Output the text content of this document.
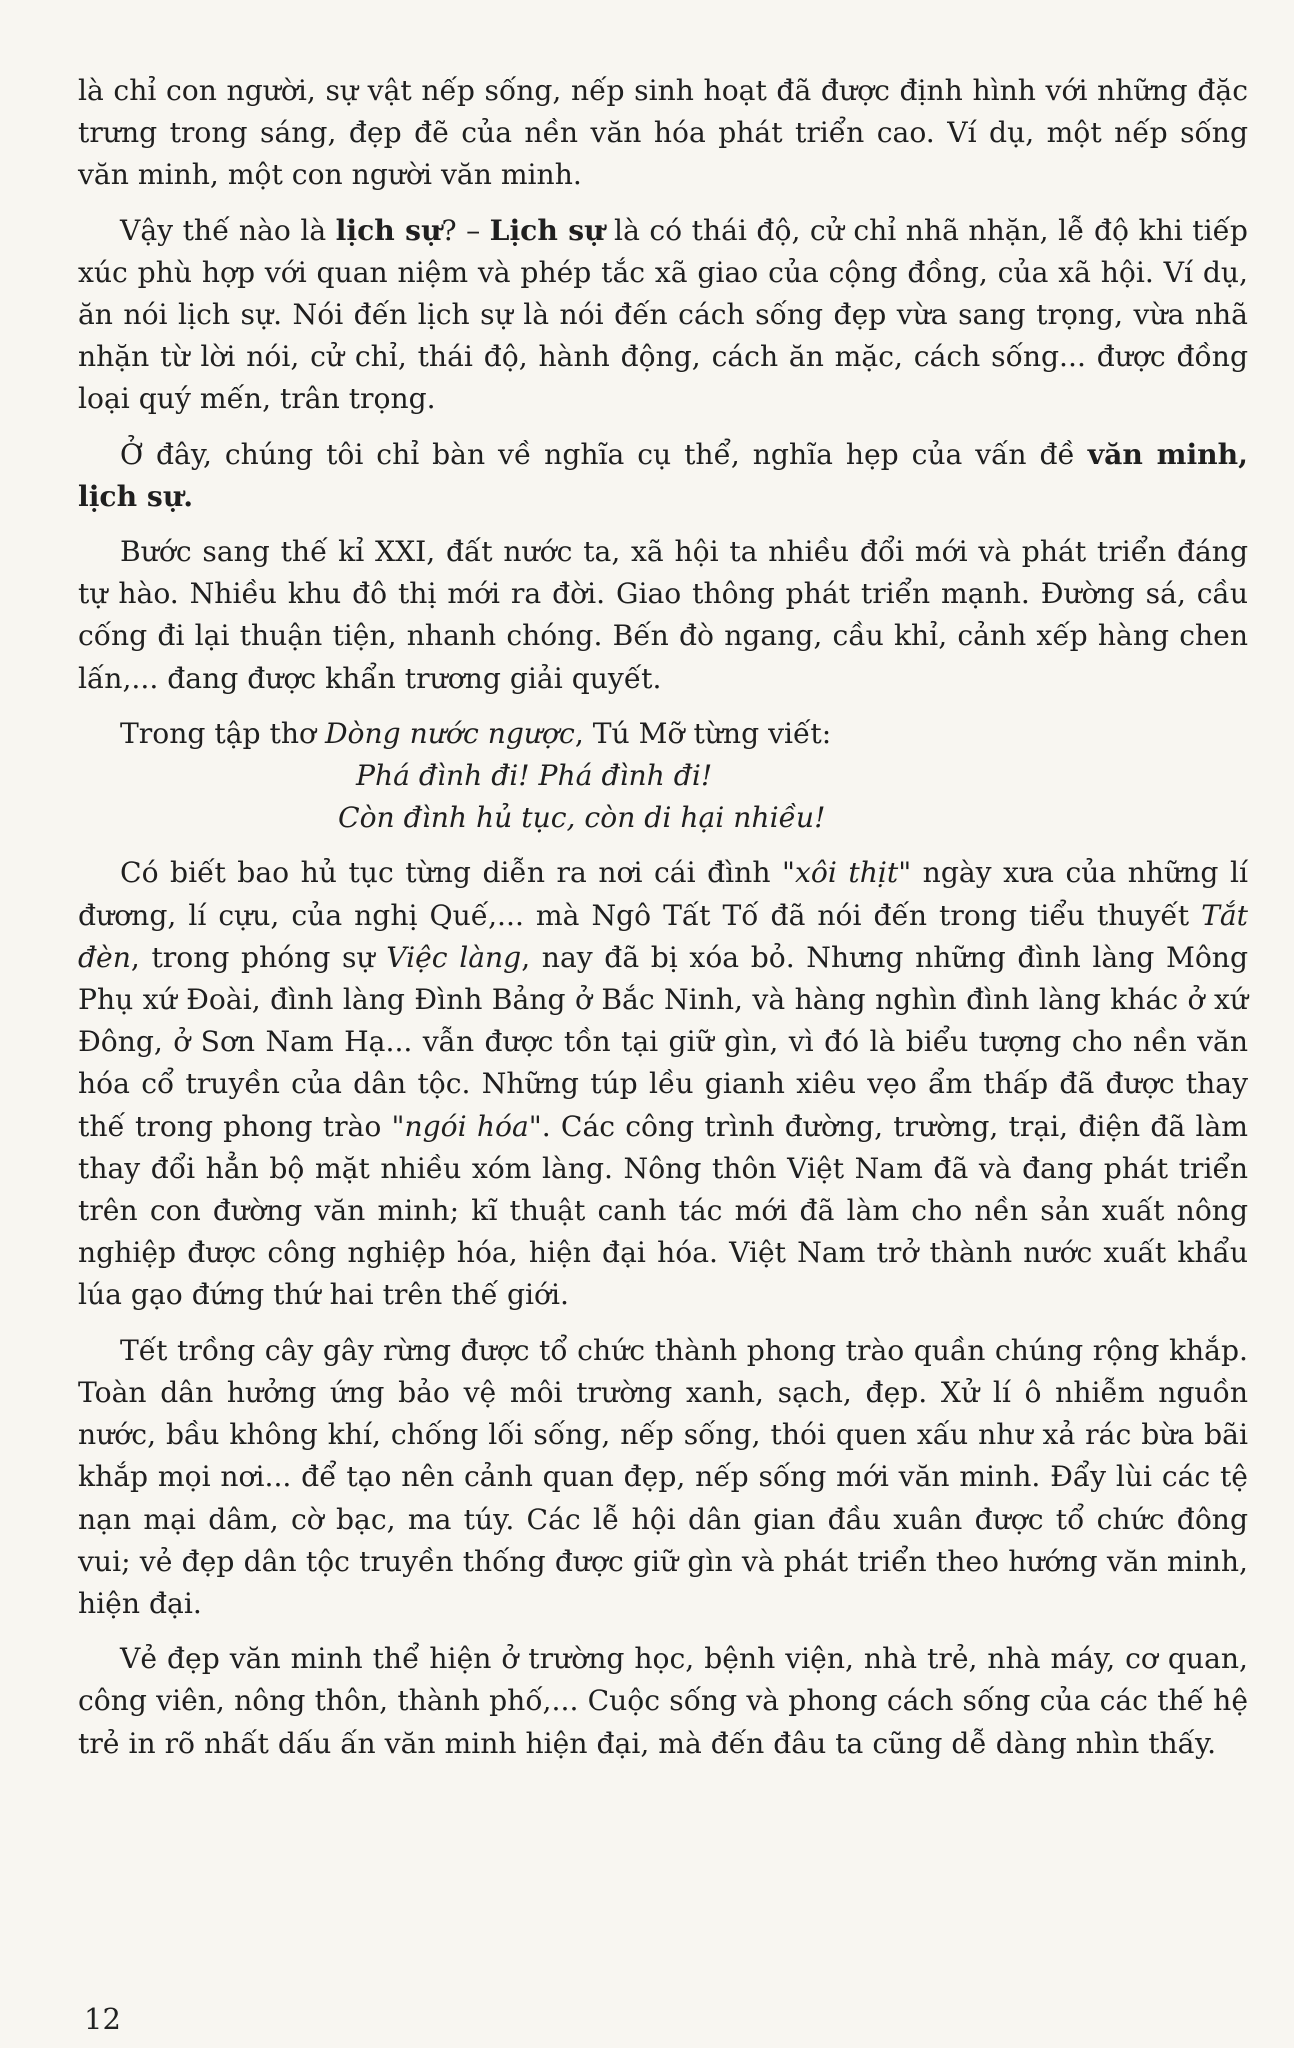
là chỉ con người, sự vật nếp sống, nếp sinh hoạt đã được định hình với những đặc trưng trong sáng, đẹp đẽ của nền văn hóa phát triển cao. Ví dụ, một nếp sống văn minh, một con người văn minh.

Vậy thế nào là lịch sự? – Lịch sự là có thái độ, cử chỉ nhã nhặn, lễ độ khi tiếp xúc phù hợp với quan niệm và phép tắc xã giao của cộng đồng, của xã hội. Ví dụ, ăn nói lịch sự. Nói đến lịch sự là nói đến cách sống đẹp vừa sang trọng, vừa nhã nhặn từ lời nói, cử chỉ, thái độ, hành động, cách ăn mặc, cách sống... được đồng loại quý mến, trân trọng.

Ở đây, chúng tôi chỉ bàn về nghĩa cụ thể, nghĩa hẹp của vấn đề văn minh, lịch sự.

Bước sang thế kỉ XXI, đất nước ta, xã hội ta nhiều đổi mới và phát triển đáng tự hào. Nhiều khu đô thị mới ra đời. Giao thông phát triển mạnh. Đường sá, cầu cống đi lại thuận tiện, nhanh chóng. Bến đò ngang, cầu khỉ, cảnh xếp hàng chen lấn,... đang được khẩn trương giải quyết.

Trong tập thơ Dòng nước ngược, Tú Mỡ từng viết:

Phá đình đi! Phá đình đi!
Còn đình hủ tục, còn di hại nhiều!

Có biết bao hủ tục từng diễn ra nơi cái đình "xôi thịt" ngày xưa của những lí đương, lí cựu, của nghị Quế,... mà Ngô Tất Tố đã nói đến trong tiểu thuyết Tắt đèn, trong phóng sự Việc làng, nay đã bị xóa bỏ. Nhưng những đình làng Mông Phụ xứ Đoài, đình làng Đình Bảng ở Bắc Ninh, và hàng nghìn đình làng khác ở xứ Đông, ở Sơn Nam Hạ... vẫn được tồn tại giữ gìn, vì đó là biểu tượng cho nền văn hóa cổ truyền của dân tộc. Những túp lều gianh xiêu vẹo ẩm thấp đã được thay thế trong phong trào "ngói hóa". Các công trình đường, trường, trại, điện đã làm thay đổi hẳn bộ mặt nhiều xóm làng. Nông thôn Việt Nam đã và đang phát triển trên con đường văn minh; kĩ thuật canh tác mới đã làm cho nền sản xuất nông nghiệp được công nghiệp hóa, hiện đại hóa. Việt Nam trở thành nước xuất khẩu lúa gạo đứng thứ hai trên thế giới.

Tết trồng cây gây rừng được tổ chức thành phong trào quần chúng rộng khắp. Toàn dân hưởng ứng bảo vệ môi trường xanh, sạch, đẹp. Xử lí ô nhiễm nguồn nước, bầu không khí, chống lối sống, nếp sống, thói quen xấu như xả rác bừa bãi khắp mọi nơi... để tạo nên cảnh quan đẹp, nếp sống mới văn minh. Đẩy lùi các tệ nạn mại dâm, cờ bạc, ma túy. Các lễ hội dân gian đầu xuân được tổ chức đông vui; vẻ đẹp dân tộc truyền thống được giữ gìn và phát triển theo hướng văn minh, hiện đại.

Vẻ đẹp văn minh thể hiện ở trường học, bệnh viện, nhà trẻ, nhà máy, cơ quan, công viên, nông thôn, thành phố,... Cuộc sống và phong cách sống của các thế hệ trẻ in rõ nhất dấu ấn văn minh hiện đại, mà đến đâu ta cũng dễ dàng nhìn thấy.

12
